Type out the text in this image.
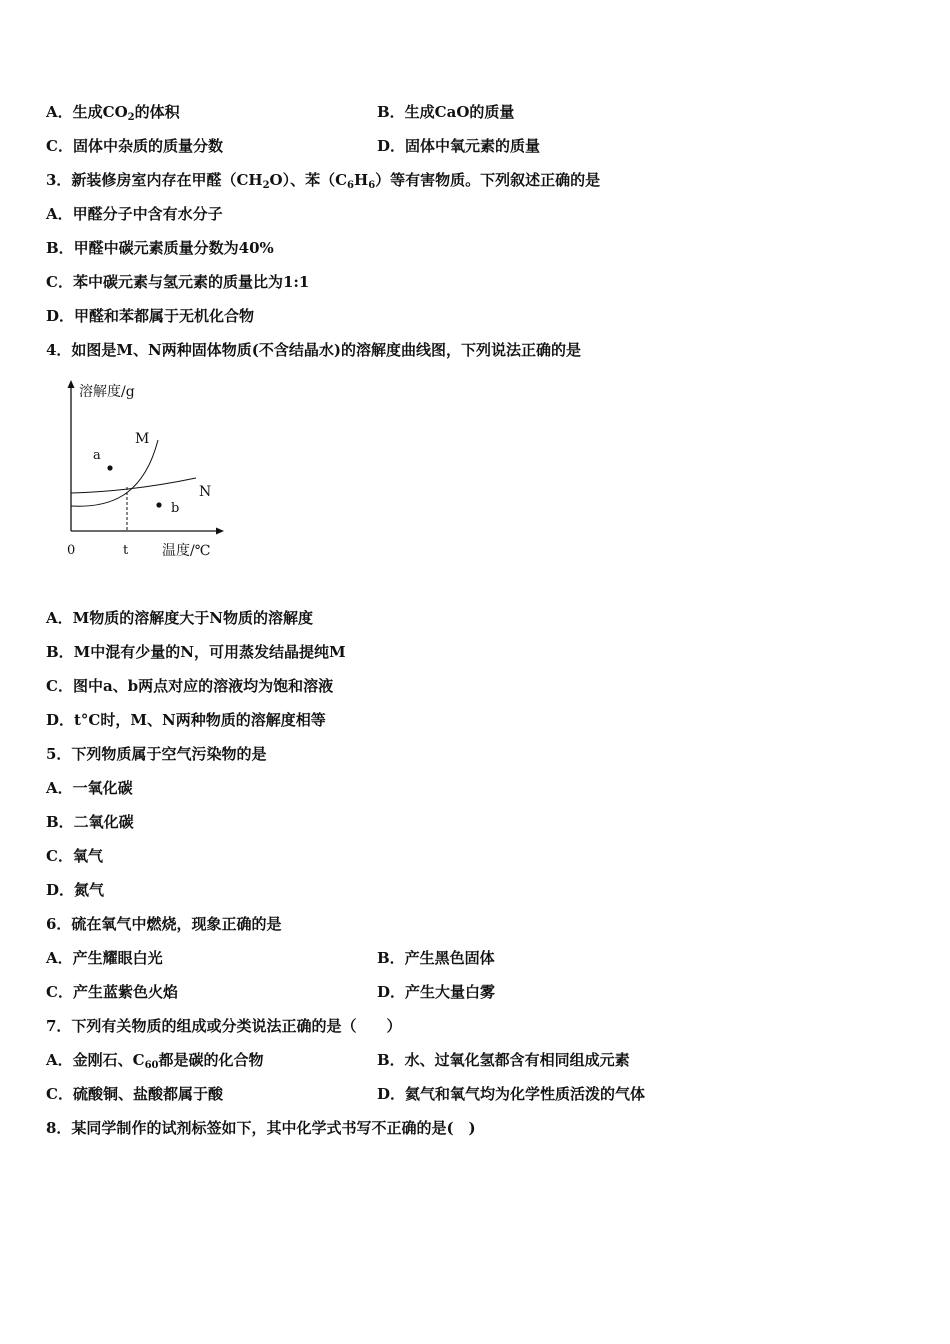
A．生成$CO_2$的体积	B．生成CaO的质量
C．固体中杂质的质量分数	D．固体中氧元素的质量
3．新装修房室内存在甲醛$(CH_2O)$、苯$(C_6H_6)$等有害物质。下列叙述正确的是
A．甲醛分子中含有水分子
B．甲醛中碳元素质量分数为40%
C．苯中碳元素与氢元素的质量比为1:1
D．甲醛和苯都属于无机化合物
4．如图是M、N两种固体物质(不含结晶水)的溶解度曲线图，下列说法正确的是
溶解度/g
M
a
N
b
0	t 温度/℃
A．M物质的溶解度大于N物质的溶解度
B．M中混有少量的N，可用蒸发结晶提纯M
C．图中a、b两点对应的溶液均为饱和溶液
D．t°C时，M、N两种物质的溶解度相等
5．下列物质属于空气污染物的是
A．一氧化碳
B．二氧化碳
C．氧气
D．氮气
6．硫在氧气中燃烧，现象正确的是
A．产生耀眼白光	B．产生黑色固体
C．产生蓝紫色火焰	D．产生大量白雾
7．下列有关物质的组成或分类说法正确的是（　　）
A．金刚石、$C_{60}$都是碳的化合物	B．水、过氧化氢都含有相同组成元素
C．硫酸铜、盐酸都属于酸	D．氦气和氧气均为化学性质活泼的气体
8．某同学制作的试剂标签如下，其中化学式书写不正确的是(　)
